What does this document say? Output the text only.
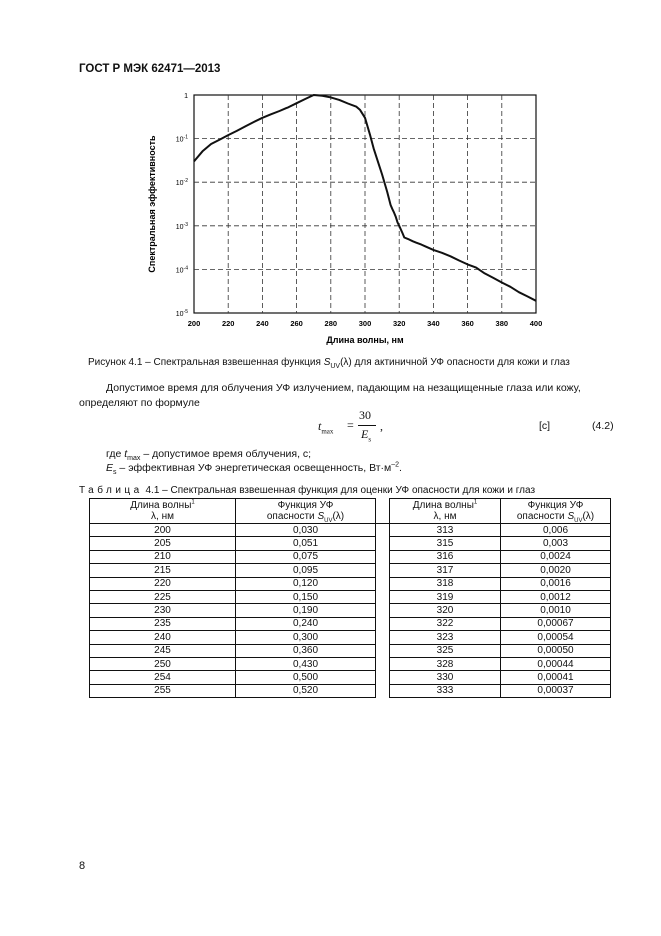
ГОСТ Р МЭК 62471—2013
200	220	240	260	280	300	320	340	360	380	400
1
$10^{-1}$
$10^{-2}$
$10^{-3}$
$10^{-4}$
$10^{-5}$
Длина волны, нм
Спектральная эффективность
Рисунок 4.1 – Спектральная взвешенная функция $S_{UV}(\lambda)$ для актиничной УФ опасности для кожи и глаз
Допустимое время для облучения УФ излучением, падающим на незащищенные глаза или кожу,
определяют по формуле
$t_{max}$ =
30
$E_s$
,	[c]	(4.2)
где $t_{max}$ – допустимое время облучения, с;
$E_s$ – эффективная УФ энергетическая освещенность, $Вт\cdot м^{-2}$.
Таблица 4.1 – Спектральная взвешенная функция для оценки УФ опасности для кожи и глаз
Длина волны$^1$
λ, нм	Функция УФ
опасности $S_{UV}(\lambda)$		Длина волны$^1$
λ, нм	Функция УФ
опасности $S_{UV}(\lambda)$
200	0,030		313	0,006
205	0,051		315	0,003
210	0,075		316	0,0024
215	0,095		317	0,0020
220	0,120		318	0,0016
225	0,150		319	0,0012
230	0,190		320	0,0010
235	0,240		322	0,00067
240	0,300		323	0,00054
245	0,360		325	0,00050
250	0,430		328	0,00044
254	0,500		330	0,00041
255	0,520		333	0,00037
8
